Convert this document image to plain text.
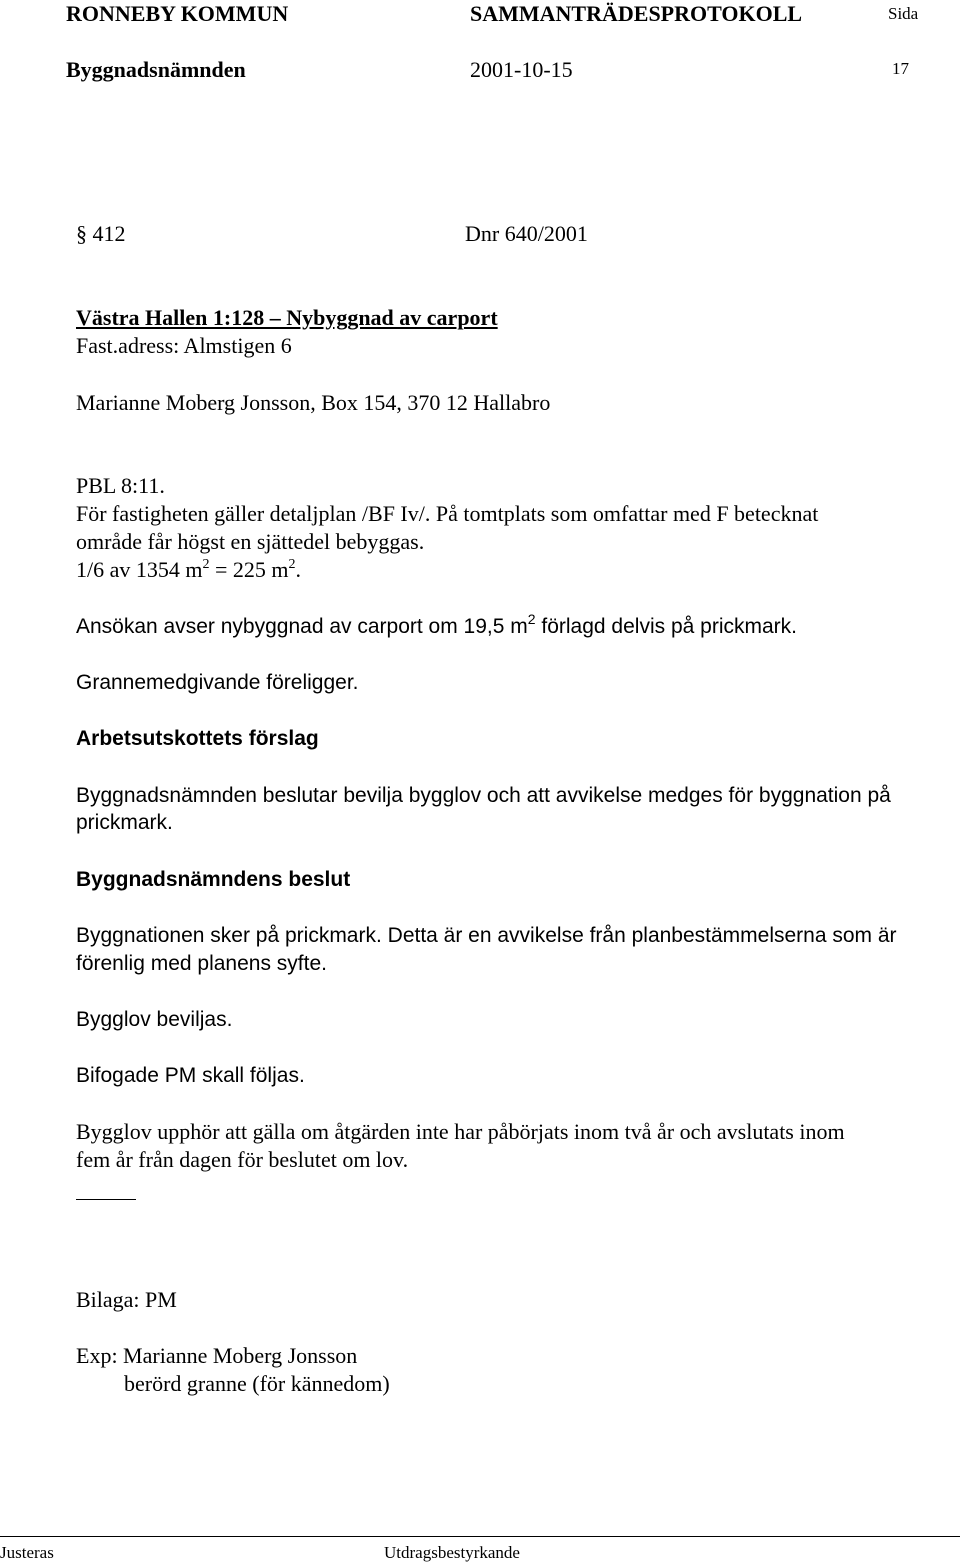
RONNEBY KOMMUN	SAMMANTRÄDESPROTOKOLL	Sida
Byggnadsnämnden	2001-10-15	17
§ 412	Dnr 640/2001
Västra Hallen 1:128 – Nybyggnad av carport
Fast.adress: Almstigen 6
Marianne Moberg Jonsson, Box 154, 370 12 Hallabro
PBL 8:11.
För fastigheten gäller detaljplan /BF Iv/. På tomtplats som omfattar med F betecknat
område får högst en sjättedel bebyggas.
1/6 av 1354 $m^2 = 225$ $m^2$.
Ansökan avser nybyggnad av carport om 19,5 $m^2$ förlagd delvis på prickmark.
Grannemedgivande föreligger.
Arbetsutskottets förslag
Byggnadsnämnden beslutar bevilja bygglov och att avvikelse medges för byggnation på
prickmark.
Byggnadsnämndens beslut
Byggnationen sker på prickmark. Detta är en avvikelse från planbestämmelserna som är
förenlig med planens syfte.
Bygglov beviljas.
Bifogade PM skall följas.
Bygglov upphör att gälla om åtgärden inte har påbörjats inom två år och avslutats inom
fem år från dagen för beslutet om lov.
Bilaga: PM
Exp: Marianne Moberg Jonsson
berörd granne (för kännedom)
Justeras	Utdragsbestyrkande
